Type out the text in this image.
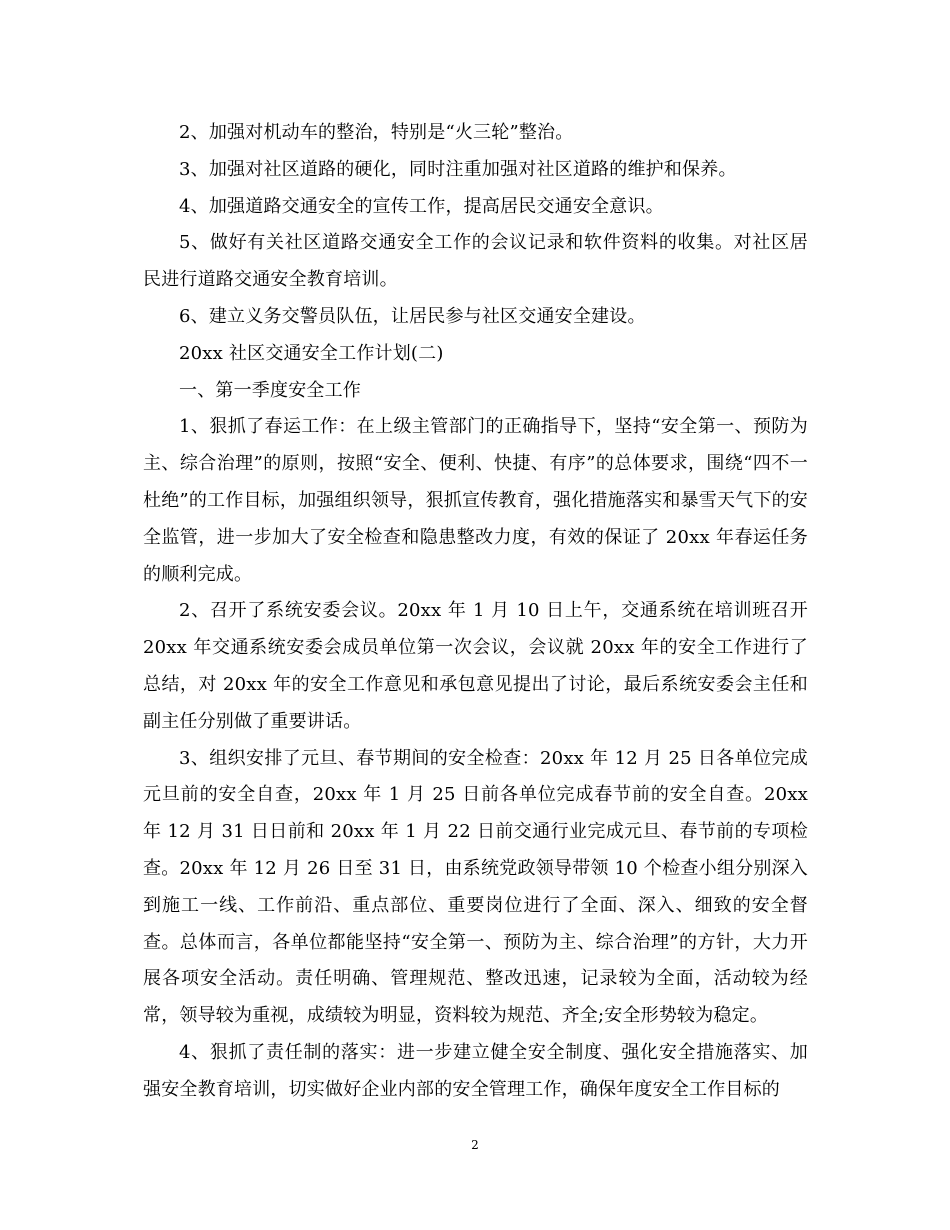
2、加强对机动车的整治，特别是“火三轮”整治。

3、加强对社区道路的硬化，同时注重加强对社区道路的维护和保养。

4、加强道路交通安全的宣传工作，提高居民交通安全意识。

5、做好有关社区道路交通安全工作的会议记录和软件资料的收集。对社区居民进行道路交通安全教育培训。

6、建立义务交警员队伍，让居民参与社区交通安全建设。

20xx 社区交通安全工作计划(二)

一、第一季度安全工作

1、狠抓了春运工作：在上级主管部门的正确指导下，坚持“安全第一、预防为主、综合治理”的原则，按照“安全、便利、快捷、有序”的总体要求，围绕“四不一杜绝”的工作目标，加强组织领导，狠抓宣传教育，强化措施落实和暴雪天气下的安全监管，进一步加大了安全检查和隐患整改力度，有效的保证了 20xx 年春运任务的顺利完成。

2、召开了系统安委会议。20xx 年 1 月 10 日上午，交通系统在培训班召开 20xx 年交通系统安委会成员单位第一次会议，会议就 20xx 年的安全工作进行了总结，对 20xx 年的安全工作意见和承包意见提出了讨论，最后系统安委会主任和副主任分别做了重要讲话。

3、组织安排了元旦、春节期间的安全检查：20xx 年 12 月 25 日各单位完成元旦前的安全自查，20xx 年 1 月 25 日前各单位完成春节前的安全自查。20xx 年 12 月 31 日日前和 20xx 年 1 月 22 日前交通行业完成元旦、春节前的专项检查。20xx 年 12 月 26 日至 31 日，由系统党政领导带领 10 个检查小组分别深入到施工一线、工作前沿、重点部位、重要岗位进行了全面、深入、细致的安全督查。总体而言，各单位都能坚持“安全第一、预防为主、综合治理”的方针，大力开展各项安全活动。责任明确、管理规范、整改迅速，记录较为全面，活动较为经常，领导较为重视，成绩较为明显，资料较为规范、齐全;安全形势较为稳定。

4、狠抓了责任制的落实：进一步建立健全安全制度、强化安全措施落实、加强安全教育培训，切实做好企业内部的安全管理工作，确保年度安全工作目标的

2
